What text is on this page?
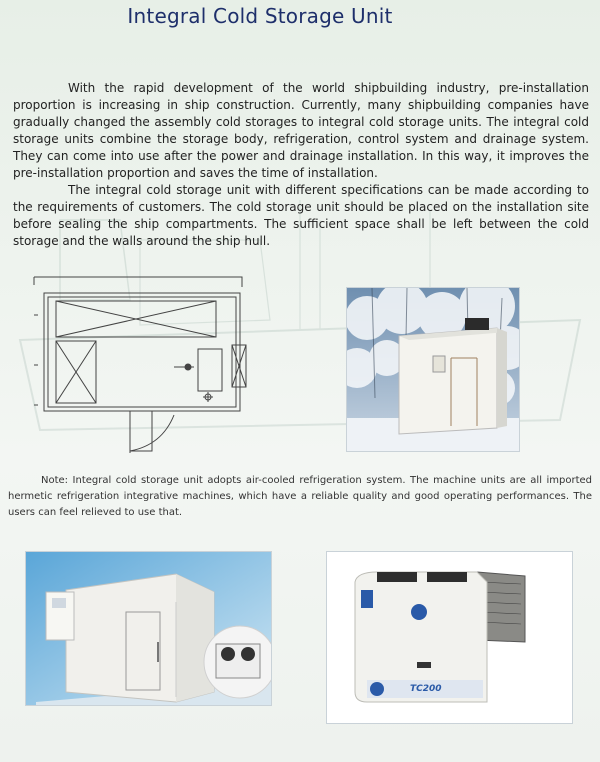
Integral Cold Storage Unit

With the rapid development of the world shipbuilding industry, pre-installation proportion is increasing in ship construction. Currently, many shipbuilding companies have gradually changed the assembly cold storages to integral cold storage units. The integral cold storage units combine the storage body, refrigeration, control system and drainage system. They can come into use after the power and drainage installation. In this way, it improves the pre-installation proportion and saves the time of installation.

The integral cold storage unit with different specifications can be made according to the requirements of customers. The cold storage unit should be placed on the installation site before sealing the ship compartments. The sufficient space shall be left between the cold storage and the walls around the ship hull.

Note: Integral cold storage unit adopts air-cooled refrigeration system. The machine units are all imported hermetic refrigeration integrative machines, which have a reliable quality and good operating performances. The users can feel relieved to use that.
TC200
